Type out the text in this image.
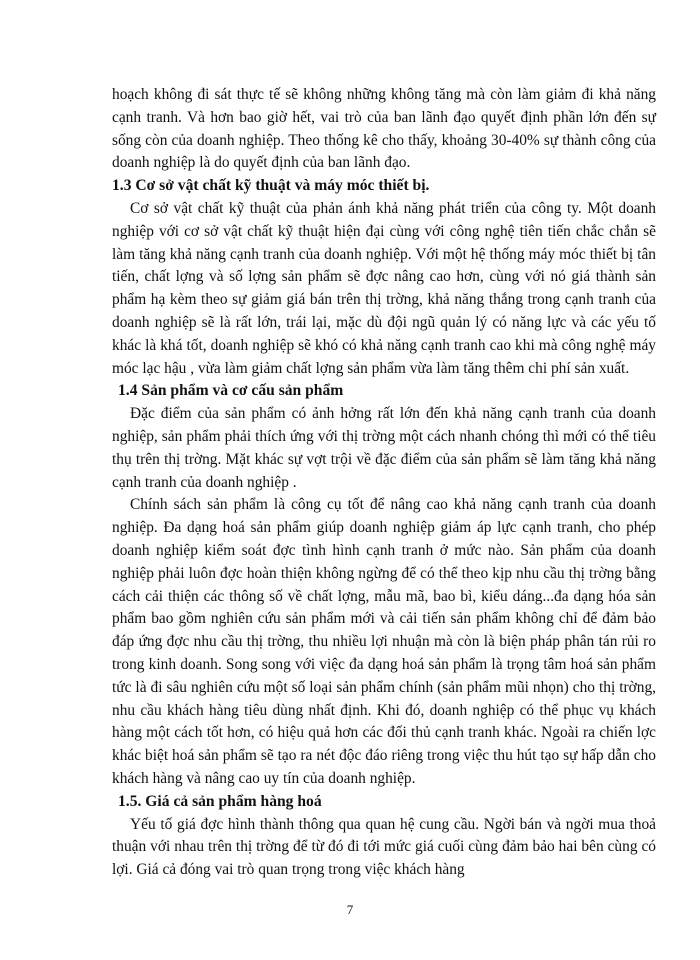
hoạch không đi sát thực tế sẽ không những không tăng mà còn làm giảm đi khả năng cạnh tranh. Và hơn bao giờ hết, vai trò của ban lãnh đạo quyết định phần lớn đến sự sống còn của doanh nghiệp. Theo thống kê cho thấy, khoảng 30-40% sự thành công của doanh nghiệp là do quyết định của ban lãnh đạo.

1.3 Cơ sở vật chất kỹ thuật và máy móc thiết bị.

Cơ sở vật chất kỹ thuật của phản ánh khả năng phát triển của công ty. Một doanh nghiệp với cơ sở vật chất kỹ thuật hiện đại cùng với công nghệ tiên tiến chắc chắn sẽ làm tăng khả năng cạnh tranh của doanh nghiệp. Với một hệ thống máy móc thiết bị tân tiến, chất lợng và số lợng sản phẩm sẽ đợc nâng cao hơn, cùng với nó giá thành sản phẩm hạ kèm theo sự giảm giá bán trên thị trờng, khả năng thắng trong cạnh tranh của doanh nghiệp sẽ là rất lớn, trái lại, mặc dù đội ngũ quản lý có năng lực và các yếu tố khác là khá tốt, doanh nghiệp sẽ khó có khả năng cạnh tranh cao khi mà công nghệ máy móc lạc hậu , vừa làm giảm chất lợng sản phẩm vừa làm tăng thêm chi phí sản xuất.

1.4 Sản phẩm và cơ cấu sản phẩm

Đặc điểm của sản phẩm có ảnh hởng rất lớn đến khả năng cạnh tranh của doanh nghiệp, sản phẩm phải thích ứng với thị trờng một cách nhanh chóng thì mới có thể tiêu thụ trên thị trờng. Mặt khác sự vợt trội về đặc điểm của sản phẩm sẽ làm tăng khả năng cạnh tranh của doanh nghiệp .

Chính sách sản phẩm là công cụ tốt để nâng cao khả năng cạnh tranh của doanh nghiệp. Đa dạng hoá sản phẩm giúp doanh nghiệp giảm áp lực cạnh tranh, cho phép doanh nghiệp kiểm soát đợc tình hình cạnh tranh ở mức nào. Sản phẩm của doanh nghiệp phải luôn đợc hoàn thiện không ngừng để có thể theo kịp nhu cầu thị trờng bằng cách cải thiện các thông số về chất lợng, mẫu mã, bao bì, kiểu dáng...đa dạng hóa sản phẩm bao gồm nghiên cứu sản phẩm mới và cải tiến sản phẩm không chỉ để đảm bảo đáp ứng đợc nhu cầu thị trờng, thu nhiều lợi nhuận mà còn là biện pháp phân tán rủi ro trong kinh doanh. Song song với việc đa dạng hoá sản phẩm là trọng tâm hoá sản phẩm tức là đi sâu nghiên cứu một số loại sản phẩm chính (sản phẩm mũi nhọn) cho thị trờng, nhu cầu khách hàng tiêu dùng nhất định. Khi đó, doanh nghiệp có thể phục vụ khách hàng một cách tốt hơn, có hiệu quả hơn các đối thủ cạnh tranh khác. Ngoài ra chiến lợc khác biệt hoá sản phẩm sẽ tạo ra nét độc đáo riêng trong việc thu hút tạo sự hấp dẫn cho khách hàng và nâng cao uy tín của doanh nghiệp.

1.5. Giá cả sản phẩm hàng hoá

Yếu tố giá đợc hình thành thông qua quan hệ cung cầu. Ngời bán và ngời mua thoả thuận với nhau trên thị trờng để từ đó đi tới mức giá cuối cùng đảm bảo hai bên cùng có lợi. Giá cả đóng vai trò quan trọng trong việc khách hàng

7
